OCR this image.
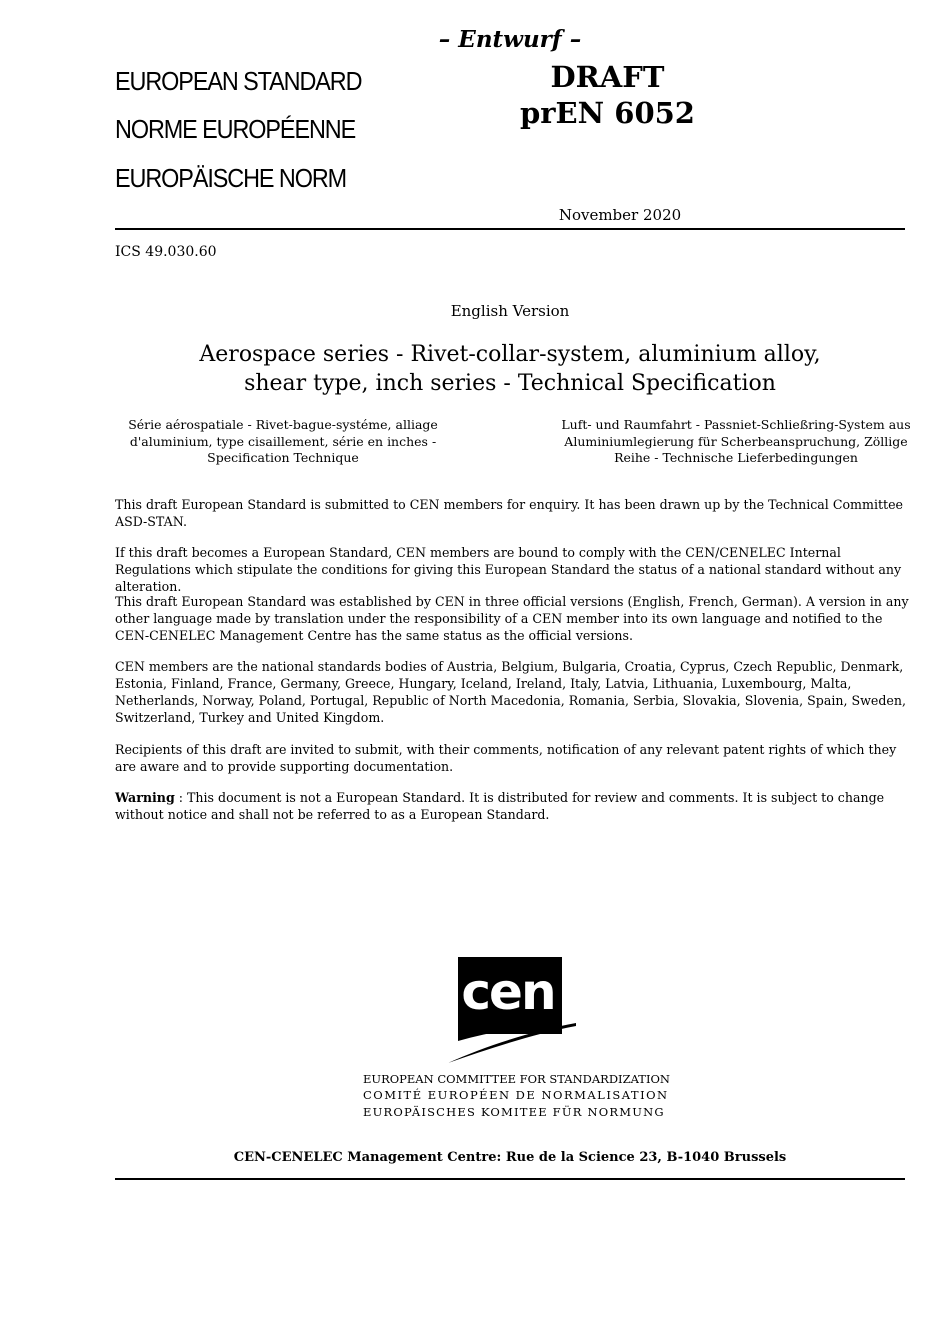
– Entwurf –
EUROPEAN STANDARD
NORME EUROPÉENNE
EUROPÄISCHE NORM
DRAFT
prEN 6052
November 2020
ICS 49.030.60
English Version
Aerospace series - Rivet-collar-system, aluminium alloy,
shear type, inch series - Technical Specification
Série aérospatiale - Rivet-bague-systéme, alliage d'aluminium, type cisaillement, série en inches - Specification Technique
Luft- und Raumfahrt - Passniet-Schließring-System aus Aluminiumlegierung für Scherbeanspruchung, Zöllige Reihe - Technische Lieferbedingungen
This draft European Standard is submitted to CEN members for enquiry. It has been drawn up by the Technical Committee ASD-STAN.
If this draft becomes a European Standard, CEN members are bound to comply with the CEN/CENELEC Internal Regulations which stipulate the conditions for giving this European Standard the status of a national standard without any alteration.
This draft European Standard was established by CEN in three official versions (English, French, German). A version in any other language made by translation under the responsibility of a CEN member into its own language and notified to the CEN-CENELEC Management Centre has the same status as the official versions.
CEN members are the national standards bodies of Austria, Belgium, Bulgaria, Croatia, Cyprus, Czech Republic, Denmark, Estonia, Finland, France, Germany, Greece, Hungary, Iceland, Ireland, Italy, Latvia, Lithuania, Luxembourg, Malta, Netherlands, Norway, Poland, Portugal, Republic of North Macedonia, Romania, Serbia, Slovakia, Slovenia, Spain, Sweden, Switzerland, Turkey and United Kingdom.
Recipients of this draft are invited to submit, with their comments, notification of any relevant patent rights of which they are aware and to provide supporting documentation.
Warning : This document is not a European Standard. It is distributed for review and comments. It is subject to change without notice and shall not be referred to as a European Standard.
cen
EUROPEAN COMMITTEE FOR STANDARDIZATION
COMITÉ EUROPÉEN DE NORMALISATION
EUROPÄISCHES KOMITEE FÜR NORMUNG
CEN-CENELEC Management Centre: Rue de la Science 23, B-1040 Brussels
